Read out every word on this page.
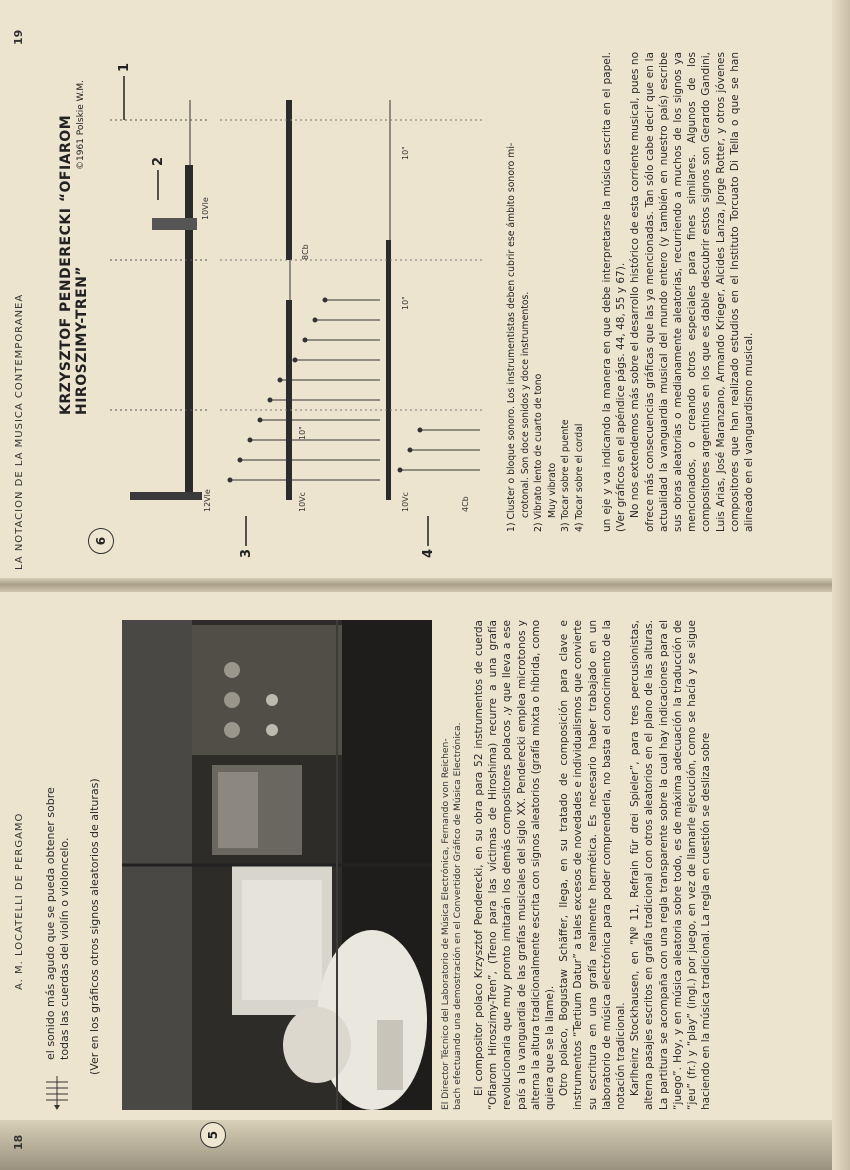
18
A. M. LOCATELLI DE PERGAMO el sonido más agudo que se pueda obtener sobre todas las cuerdas del violín o violoncelo. (Ver en los gráficos otros signos aleatorios de alturas)
5
El Director Técnico del Laboratorio de Música Electrónica, Fernando von Reichen- bach efectuando una demostración en el Convertidor Gráfico de Música Electrónica. El compositor polaco Krzysztof Penderecki, en su obra para 52 instrumentos de cuerda “Ofiarom Hiroszimy-Tren”, (Treno para las víctimas de Hiroshima) recurre a una grafía revolucionaria que muy pronto imitarán los demás compositores polacos ,y que lleva a ese país a la vanguardia de las grafías musicales del siglo XX. Penderecki emplea microtonos y alterna la altura tradicionalmente escrita con signos aleatorios (grafía mixta o híbrida, como quiera que se la llame). Otro polaco, Bogustaw Schäffer, llega, en su tratado de composición para clave e instrumentos “Tertium Datur” a tales excesos de novedades e individualismos que convierte su escritura en una grafía realmente hermética. Es necesario haber trabajado en un laboratorio de música electrónica para poder comprenderla, no basta el conocimiento de la notación tradicional. Karlheinz Stockhausen, en “Nº 11, Refrain für drei Spieler”, para tres percusionistas, alterna pasajes escritos en grafía tradicional con otros aleatorios en el plano de las alturas. La partitura se acompaña con una regla transparente sobre la cual hay indicaciones para el “juego”. Hoy, y en música aleatoria sobre todo, es de máxima adecuación la traducción de “jeu” (fr.) y “play” (ingl.) por juego, en vez de llamarle ejecución, como se hacía y se sigue haciendo en la música tradicional. La regla en cuestión se desliza sobre

LA NOTACION DE LA MUSICA CONTEMPORANEA
19
6
KRZYSZTOF PENDERECKI “OFIAROM HIROSZIMY-TREN”
©1961 Polskie W.M.
1
2
3	4
12Vle
10Vle
10Vc
8Cb
10"
10Vc	4Cb
10"
10"	1) Cluster o bloque sonoro. Los instrumentistas deben cubrir ese ámbito sonoro mi- crotonal. Son doce sonidos y doce instrumentos. 2) Vibrato lento de cuarto de tono Muy vibrato 3) Tocar sobre el puente 4) Tocar sobre el cordal un eje y va indicando la manera en que debe interpretarse la música escrita en el papel. (Ver gráficos en el apéndice págs. 44, 48, 55 y 67). No nos extendemos más sobre el desarrollo histórico de esta corriente musical, pues no ofrece más consecuencias gráficas que las ya mencionadas. Tan sólo cabe decir que en la actualidad la vanguardia musical del mundo entero (y también en nuestro país) escribe sus obras aleatorias o medianamente aleatorias, recurriendo a muchos de los signos ya mencionados, o creando otros especiales para fines similares. Algunos de los compositores argentinos en los que es dable descubrir estos signos son Gerardo Gandini, Luis Arias, José Maranzano, Armando Krieger, Alcides Lanza, Jorge Rotter, y otros jóvenes compositores que han realizado estudios en el Instituto Torcuato Di Tella o que se han alineado en el vanguardismo musical.
